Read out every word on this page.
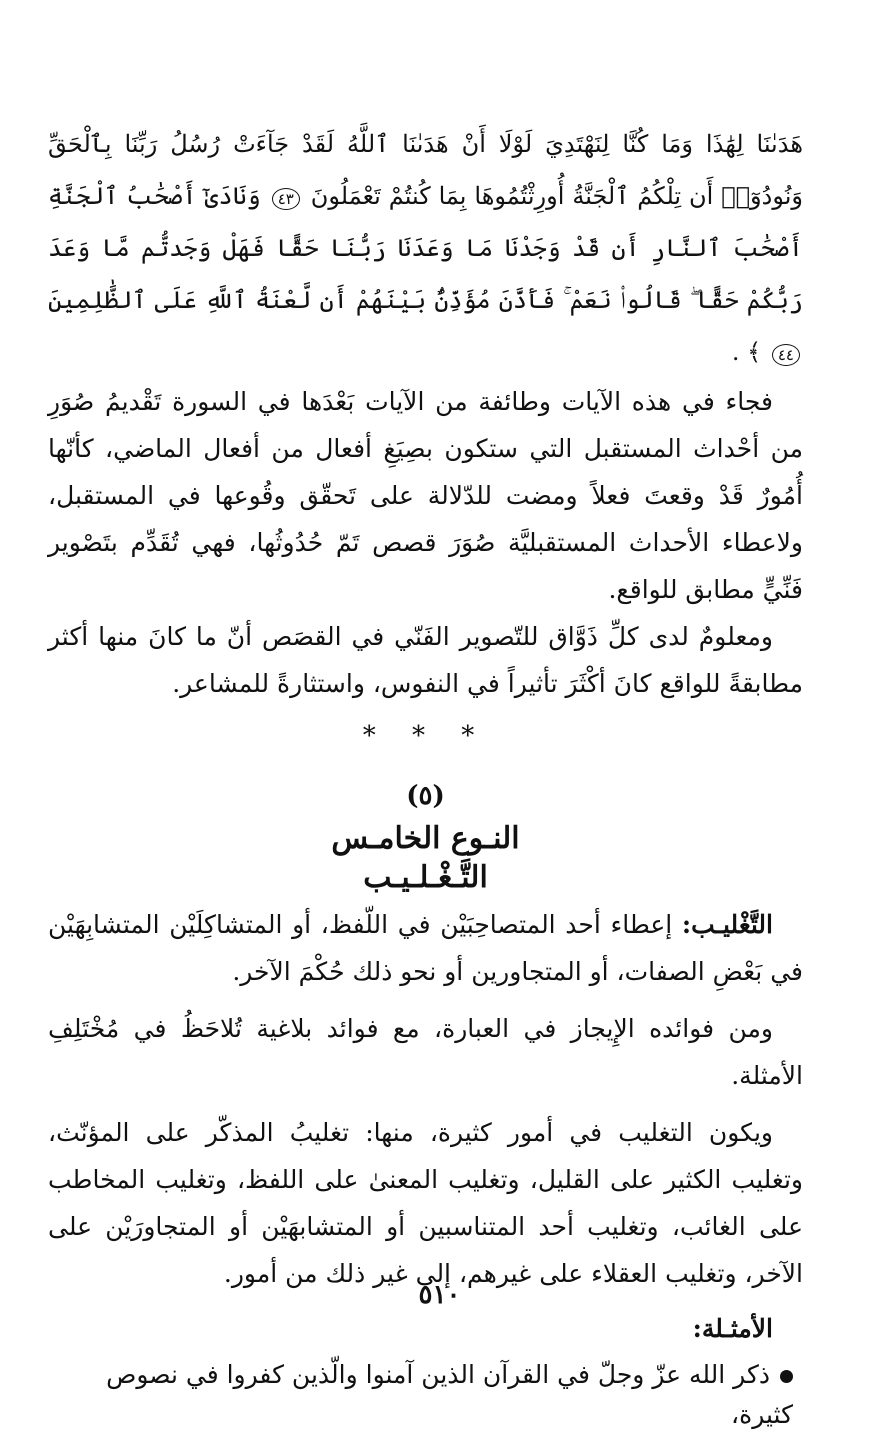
هَدَىٰنَا لِهَٰذَا وَمَا كُنَّا لِنَهْتَدِيَ لَوْلَا أَنْ هَدَىٰنَا ٱللَّهُ لَقَدْ جَآءَتْ رُسُلُ رَبِّنَا بِٱلْحَقِّ وَنُودُوٓا۟ أَن تِلْكُمُ ٱلْجَنَّةُ أُورِثْتُمُوهَا بِمَا كُنتُمْ تَعْمَلُونَ ٤٣ وَنَادَىٰٓ أَصْحَٰبُ ٱلْجَنَّةِ أَصْحَٰبَ ٱلنَّارِ أَن قَدْ وَجَدْنَا مَا وَعَدَنَا رَبُّنَا حَقًّا فَهَلْ وَجَدتُّم مَّا وَعَدَ رَبُّكُمْ حَقًّا ۖ قَالُوا۟ نَعَمْ ۚ فَأَذَّنَ مُؤَذِّنٌۢ بَيْنَهُمْ أَن لَّعْنَةُ ٱللَّهِ عَلَى ٱلظَّٰلِمِينَ ٤٤ ﴾ .

فجاء في هذه الآيات وطائفة من الآيات بَعْدَها في السورة تَقْديمُ صُوَرِ من أحْداث المستقبل التي ستكون بصِيَغِ أفعال من أفعال الماضي، كأنّها أُمُورٌ قَدْ وقعتَ فعلاً ومضت للدّلالة على تَحقّق وقُوعها في المستقبل، ولاعطاء الأحداث المستقبليَّة صُوَرَ قصص تَمّ حُدُوثُها، فهي تُقَدِّم بتَصْوير فَنِّيٍّ مطابق للواقع.

ومعلومٌ لدى كلِّ ذَوَّاق للتّصوير الفَنّي في القصَص أنّ ما كانَ منها أكثر مطابقةً للواقع كانَ أكْثَرَ تأثيراً في النفوس، واستثارةً للمشاعر.

* * *
(٥)
النـوع الخامـس
التَّـغْـلـيـب

التَّغْليـب: إعطاء أحد المتصاحِبَيْن في اللّفظ، أو المتشاكِلَيْن المتشابِهَيْن في بَعْضِ الصفات، أو المتجاورين أو نحو ذلك حُكْمَ الآخر.

ومن فوائده الإِيجاز في العبارة، مع فوائد بلاغية تُلاحَظُ في مُخْتَلِفِ الأمثلة.

ويكون التغليب في أمور كثيرة، منها: تغليبُ المذكّر على المؤنّث، وتغليب الكثير على القليل، وتغليب المعنىٰ على اللفظ، وتغليب المخاطب على الغائب، وتغليب أحد المتناسبين أو المتشابهَيْن أو المتجاورَيْن على الآخر، وتغليب العقلاء على غيرهم، إلى غير ذلك من أمور.

الأمثـلة:
ذكر الله عزّ وجلّ في القرآن الذين آمنوا والّذين كفروا في نصوص كثيرة،
٥١٠
